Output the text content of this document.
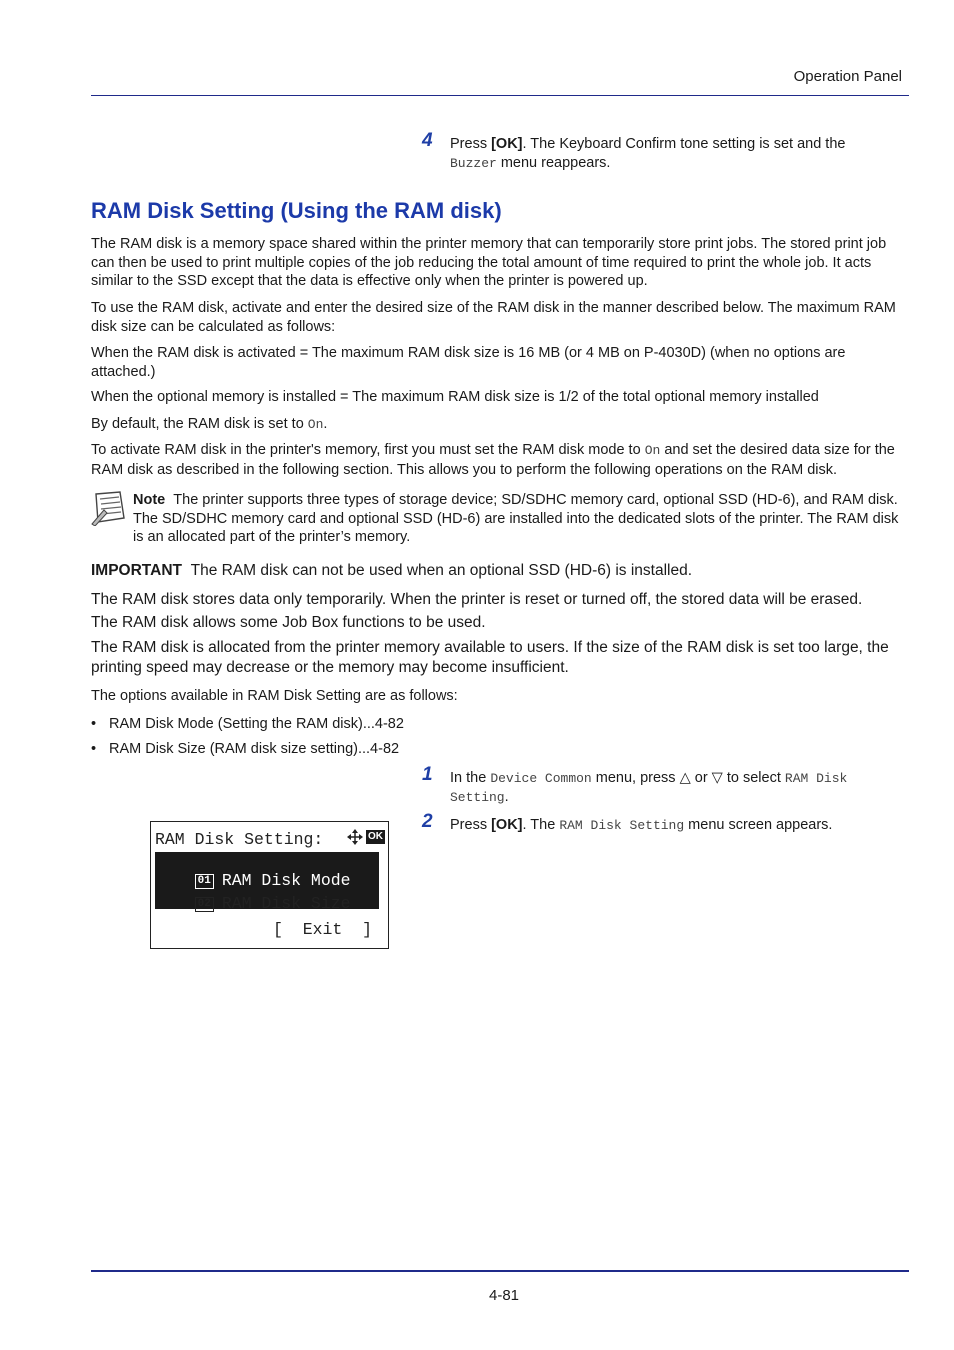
Operation Panel
4 Press [OK]. The Keyboard Confirm tone setting is set and the
Buzzer menu reappears.
RAM Disk Setting (Using the RAM disk)
The RAM disk is a memory space shared within the printer memory that can temporarily store print jobs. The stored print job can then be used to print multiple copies of the job reducing the total amount of time required to print the whole job. It acts similar to the SSD except that the data is effective only when the printer is powered up.
To use the RAM disk, activate and enter the desired size of the RAM disk in the manner described below. The maximum RAM disk size can be calculated as follows:
When the RAM disk is activated = The maximum RAM disk size is 16 MB (or 4 MB on P-4030D) (when no options are attached.)
When the optional memory is installed = The maximum RAM disk size is 1/2 of the total optional memory installed
By default, the RAM disk is set to On.
To activate RAM disk in the printer's memory, first you must set the RAM disk mode to On and set the desired data size for the RAM disk as described in the following section. This allows you to perform the following operations on the RAM disk.
Note The printer supports three types of storage device; SD/SDHC memory card, optional SSD (HD-6), and RAM disk. The SD/SDHC memory card and optional SSD (HD-6) are installed into the dedicated slots of the printer. The RAM disk is an allocated part of the printer’s memory.
IMPORTANT The RAM disk can not be used when an optional SSD (HD-6) is installed.
The RAM disk stores data only temporarily. When the printer is reset or turned off, the stored data will be erased.
The RAM disk allows some Job Box functions to be used.
The RAM disk is allocated from the printer memory available to users. If the size of the RAM disk is set too large, the printing speed may decrease or the memory may become insufficient.
The options available in RAM Disk Setting are as follows:
• RAM Disk Mode (Setting the RAM disk)...4-82
• RAM Disk Size (RAM disk size setting)...4-82
1 In the Device Common menu, press △ or ▽ to select RAM Disk
Setting.
2 Press [OK]. The RAM Disk Setting menu screen appears.
RAM Disk Setting:	OK

01 RAM Disk Mode

02 RAM Disk Size

[  Exit  ]
4-81
